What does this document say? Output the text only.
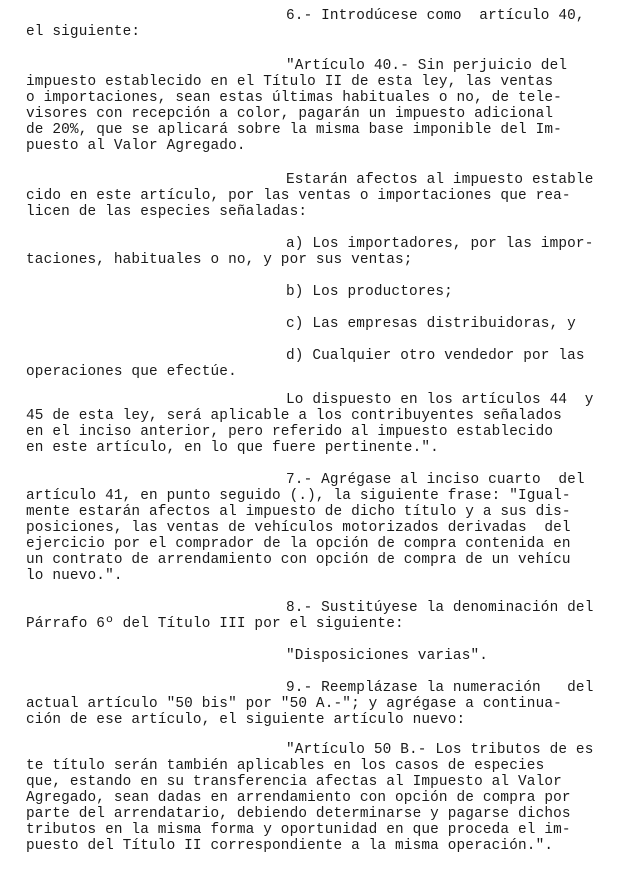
6.- Introdúcese como  artículo 40,
el siguiente:
"Artículo 40.- Sin perjuicio del
impuesto establecido en el Título II de esta ley, las ventas
o importaciones, sean estas últimas habituales o no, de tele-
visores con recepción a color, pagarán un impuesto adicional
de 20%, que se aplicará sobre la misma base imponible del Im-
puesto al Valor Agregado.
Estarán afectos al impuesto estable
cido en este artículo, por las ventas o importaciones que rea-
licen de las especies señaladas:
a) Los importadores, por las impor-
taciones, habituales o no, y por sus ventas;
b) Los productores;
c) Las empresas distribuidoras, y
d) Cualquier otro vendedor por las
operaciones que efectúe.
Lo dispuesto en los artículos 44  y
45 de esta ley, será aplicable a los contribuyentes señalados
en el inciso anterior, pero referido al impuesto establecido
en este artículo, en lo que fuere pertinente.".
7.- Agrégase al inciso cuarto  del
artículo 41, en punto seguido (.), la siguiente frase: "Igual-
mente estarán afectos al impuesto de dicho título y a sus dis-
posiciones, las ventas de vehículos motorizados derivadas  del
ejercicio por el comprador de la opción de compra contenida en
un contrato de arrendamiento con opción de compra de un vehícu
lo nuevo.".
8.- Sustitúyese la denominación del
Párrafo 6º del Título III por el siguiente:
"Disposiciones varias".
9.- Reemplázase la numeración   del
actual artículo "50 bis" por "50 A.-"; y agrégase a continua-
ción de ese artículo, el siguiente artículo nuevo:
"Artículo 50 B.- Los tributos de es
te título serán también aplicables en los casos de especies
que, estando en su transferencia afectas al Impuesto al Valor
Agregado, sean dadas en arrendamiento con opción de compra por
parte del arrendatario, debiendo determinarse y pagarse dichos
tributos en la misma forma y oportunidad en que proceda el im-
puesto del Título II correspondiente a la misma operación.".
